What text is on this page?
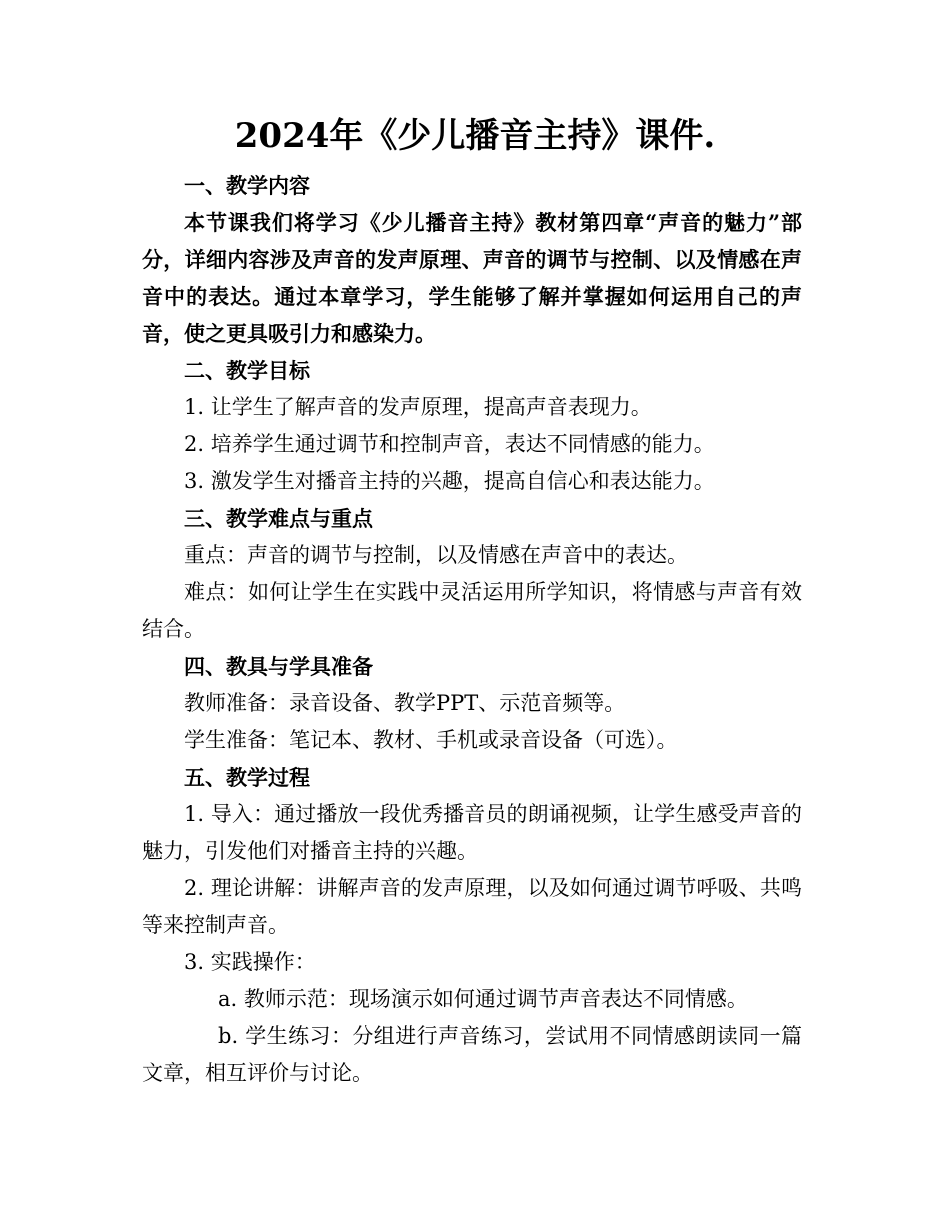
2024年《少儿播音主持》课件.
一、教学内容
本节课我们将学习《少儿播音主持》教材第四章“声音的魅力”部分，详细内容涉及声音的发声原理、声音的调节与控制、以及情感在声音中的表达。通过本章学习，学生能够了解并掌握如何运用自己的声音，使之更具吸引力和感染力。
二、教学目标
1. 让学生了解声音的发声原理，提高声音表现力。
2. 培养学生通过调节和控制声音，表达不同情感的能力。
3. 激发学生对播音主持的兴趣，提高自信心和表达能力。
三、教学难点与重点
重点：声音的调节与控制，以及情感在声音中的表达。
难点：如何让学生在实践中灵活运用所学知识，将情感与声音有效结合。
四、教具与学具准备
教师准备：录音设备、教学PPT、示范音频等。
学生准备：笔记本、教材、手机或录音设备（可选）。
五、教学过程
1. 导入：通过播放一段优秀播音员的朗诵视频，让学生感受声音的魅力，引发他们对播音主持的兴趣。
2. 理论讲解：讲解声音的发声原理，以及如何通过调节呼吸、共鸣等来控制声音。
3. 实践操作：
a. 教师示范：现场演示如何通过调节声音表达不同情感。
b. 学生练习：分组进行声音练习，尝试用不同情感朗读同一篇文章，相互评价与讨论。
